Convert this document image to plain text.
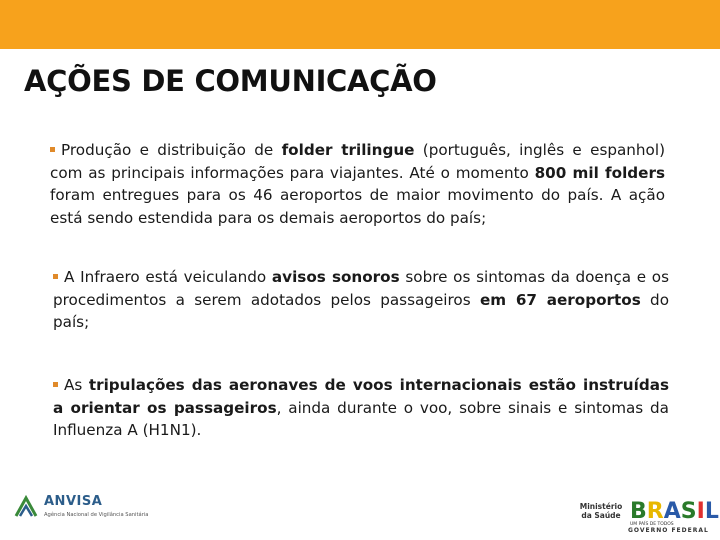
AÇÕES DE COMUNICAÇÃO
Produção e distribuição de folder trilingue (português, inglês e espanhol) com as principais informações para viajantes. Até o momento 800 mil folders foram entregues para os 46 aeroportos de maior movimento do país. A ação está sendo estendida para os demais aeroportos do país;
A Infraero está veiculando avisos sonoros sobre os sintomas da doença e os procedimentos a serem adotados pelos passageiros em 67 aeroportos do país;
As tripulações das aeronaves de voos internacionais estão instruídas a orientar os passageiros, ainda durante o voo, sobre sinais e sintomas da Influenza A (H1N1).
ANVISA
Agência Nacional de Vigilância Sanitária
Ministério da Saúde BRASIL
UM PAÍS DE TODOS
GOVERNO FEDERAL
